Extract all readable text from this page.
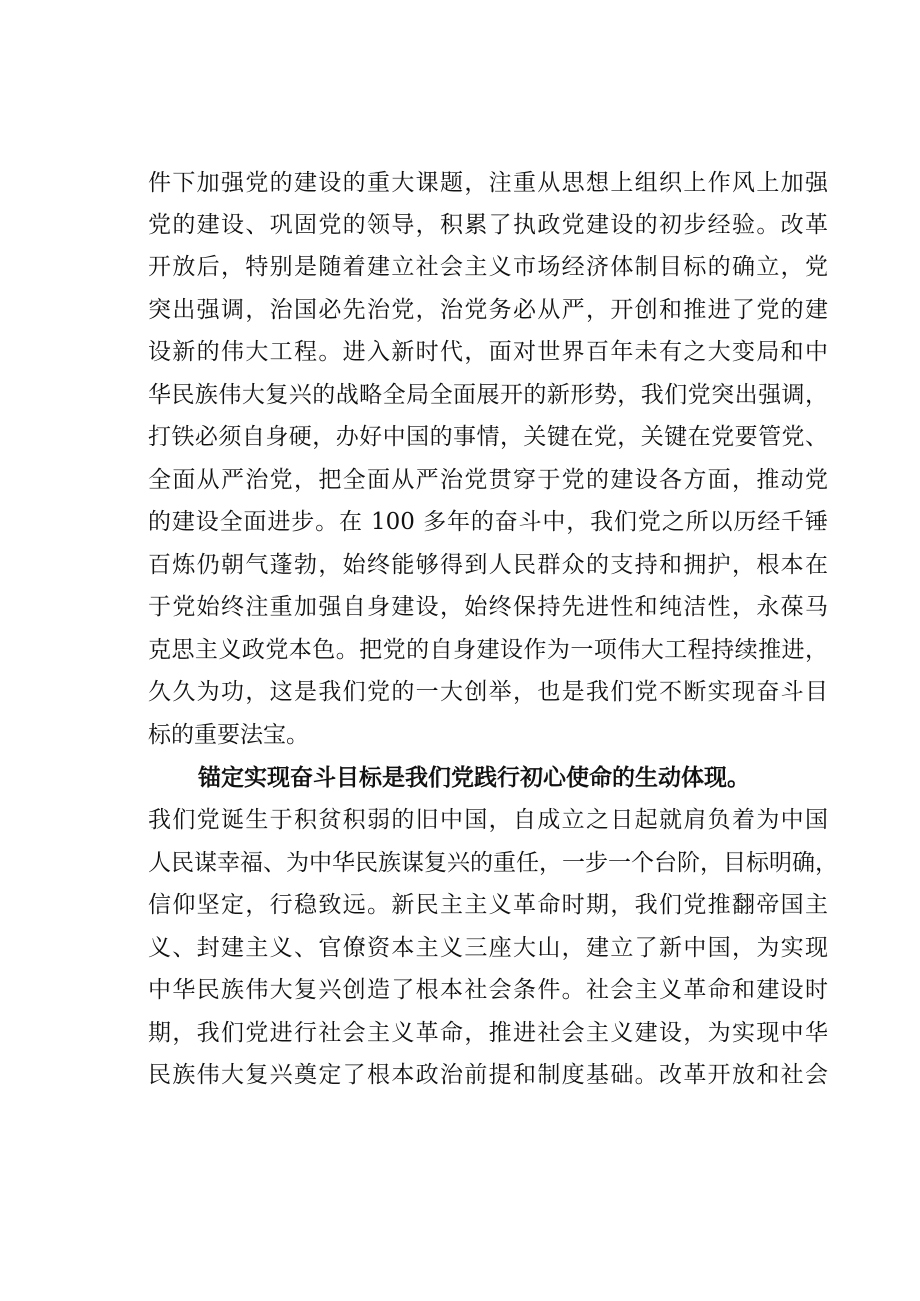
件下加强党的建设的重大课题，注重从思想上组织上作风上加强
党的建设、巩固党的领导，积累了执政党建设的初步经验。改革
开放后，特别是随着建立社会主义市场经济体制目标的确立，党
突出强调，治国必先治党，治党务必从严，开创和推进了党的建
设新的伟大工程。进入新时代，面对世界百年未有之大变局和中
华民族伟大复兴的战略全局全面展开的新形势，我们党突出强调，
打铁必须自身硬，办好中国的事情，关键在党，关键在党要管党、
全面从严治党，把全面从严治党贯穿于党的建设各方面，推动党
的建设全面进步。在 100 多年的奋斗中，我们党之所以历经千锤
百炼仍朝气蓬勃，始终能够得到人民群众的支持和拥护，根本在
于党始终注重加强自身建设，始终保持先进性和纯洁性，永葆马
克思主义政党本色。把党的自身建设作为一项伟大工程持续推进，
久久为功，这是我们党的一大创举，也是我们党不断实现奋斗目
标的重要法宝。
锚定实现奋斗目标是我们党践行初心使命的生动体现。
我们党诞生于积贫积弱的旧中国，自成立之日起就肩负着为中国
人民谋幸福、为中华民族谋复兴的重任，一步一个台阶，目标明确，
信仰坚定，行稳致远。新民主主义革命时期，我们党推翻帝国主
义、封建主义、官僚资本主义三座大山，建立了新中国，为实现
中华民族伟大复兴创造了根本社会条件。社会主义革命和建设时
期，我们党进行社会主义革命，推进社会主义建设，为实现中华
民族伟大复兴奠定了根本政治前提和制度基础。改革开放和社会
